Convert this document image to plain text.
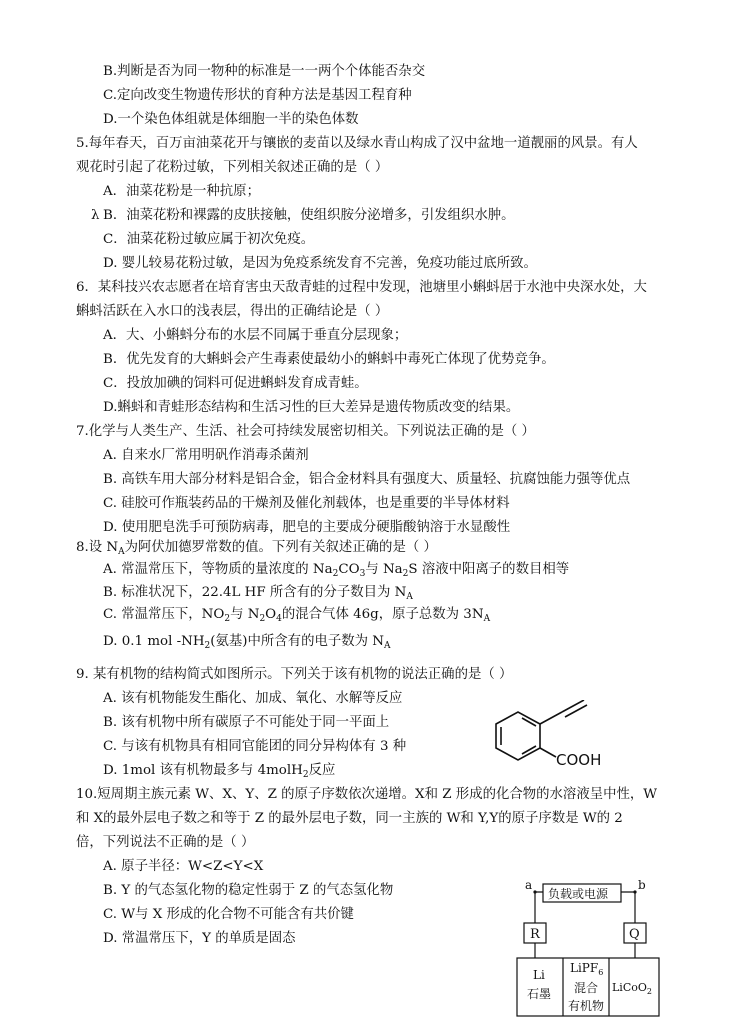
B.判断是否为同一物种的标准是一一两个个体能否杂交
C.定向改变生物遗传形状的育种方法是基因工程育种
D.一个染色体组就是体细胞一半的染色体数
5.每年春天，百万亩油菜花开与镶嵌的麦苗以及绿水青山构成了汉中盆地一道靓丽的风景。有人
观花时引起了花粉过敏，下列相关叙述正确的是（ ）
A．油菜花粉是一种抗原；
λ B．油菜花粉和裸露的皮肤接触，使组织胺分泌增多，引发组织水肿。
C．油菜花粉过敏应属于初次免疫。
D. 婴儿较易花粉过敏，是因为免疫系统发育不完善，免疫功能过底所致。
6．某科技兴农志愿者在培育害虫天敌青蛙的过程中发现，池塘里小蝌蚪居于水池中央深水处，大
蝌蚪活跃在入水口的浅表层，得出的正确结论是（ ）
A．大、小蝌蚪分布的水层不同属于垂直分层现象；
B．优先发育的大蝌蚪会产生毒素使最幼小的蝌蚪中毒死亡体现了优势竞争。
C．投放加碘的饲料可促进蝌蚪发育成青蛙。
D.蝌蚪和青蛙形态结构和生活习性的巨大差异是遗传物质改变的结果。
7.化学与人类生产、生活、社会可持续发展密切相关。下列说法正确的是（ ）
A. 自来水厂常用明矾作消毒杀菌剂
B. 高铁车用大部分材料是铝合金，铝合金材料具有强度大、质量轻、抗腐蚀能力强等优点
C. 硅胶可作瓶装药品的干燥剂及催化剂载体，也是重要的半导体材料
D. 使用肥皂洗手可预防病毒，肥皂的主要成分硬脂酸钠溶于水显酸性
8.设 $N_A$为阿伏加德罗常数的值。下列有关叙述正确的是（ ）
A. 常温常压下，等物质的量浓度的 $Na_2CO_3$与 $Na_2S$ 溶液中阳离子的数目相等
B. 标准状况下，22.4L HF 所含有的分子数目为 $N_A$
C. 常温常压下，$NO_2$与 $N_2O_4$的混合气体 46g，原子总数为 $3N_A$
D. 0.1 mol $-NH_2$(氨基)中所含有的电子数为 $N_A$
9. 某有机物的结构简式如图所示。下列关于该有机物的说法正确的是（ ）
A. 该有机物能发生酯化、加成、氧化、水解等反应
B. 该有机物中所有碳原子不可能处于同一平面上
C. 与该有机物具有相同官能团的同分异构体有 3 种
D. 1mol 该有机物最多与 4molH$_2$反应
COOH
10.短周期主族元素 W、X、Y、Z 的原子序数依次递增。X和 Z 形成的化合物的水溶液呈中性，W
和 X的最外层电子数之和等于 Z 的最外层电子数，同一主族的 W和 Y,Y的原子序数是 W的 2
倍，下列说法不正确的是（ ）
A. 原子半径：W<Z<Y<X
B. Y 的气态氢化物的稳定性弱于 Z 的气态氢化物
C. W与 X 形成的化合物不可能含有共价键
D. 常温常压下，Y 的单质是固态
a	b
负载或电源
R	Q
Li
石墨
LiPF$_6$
混合
有机物
LiCoO$_2$
